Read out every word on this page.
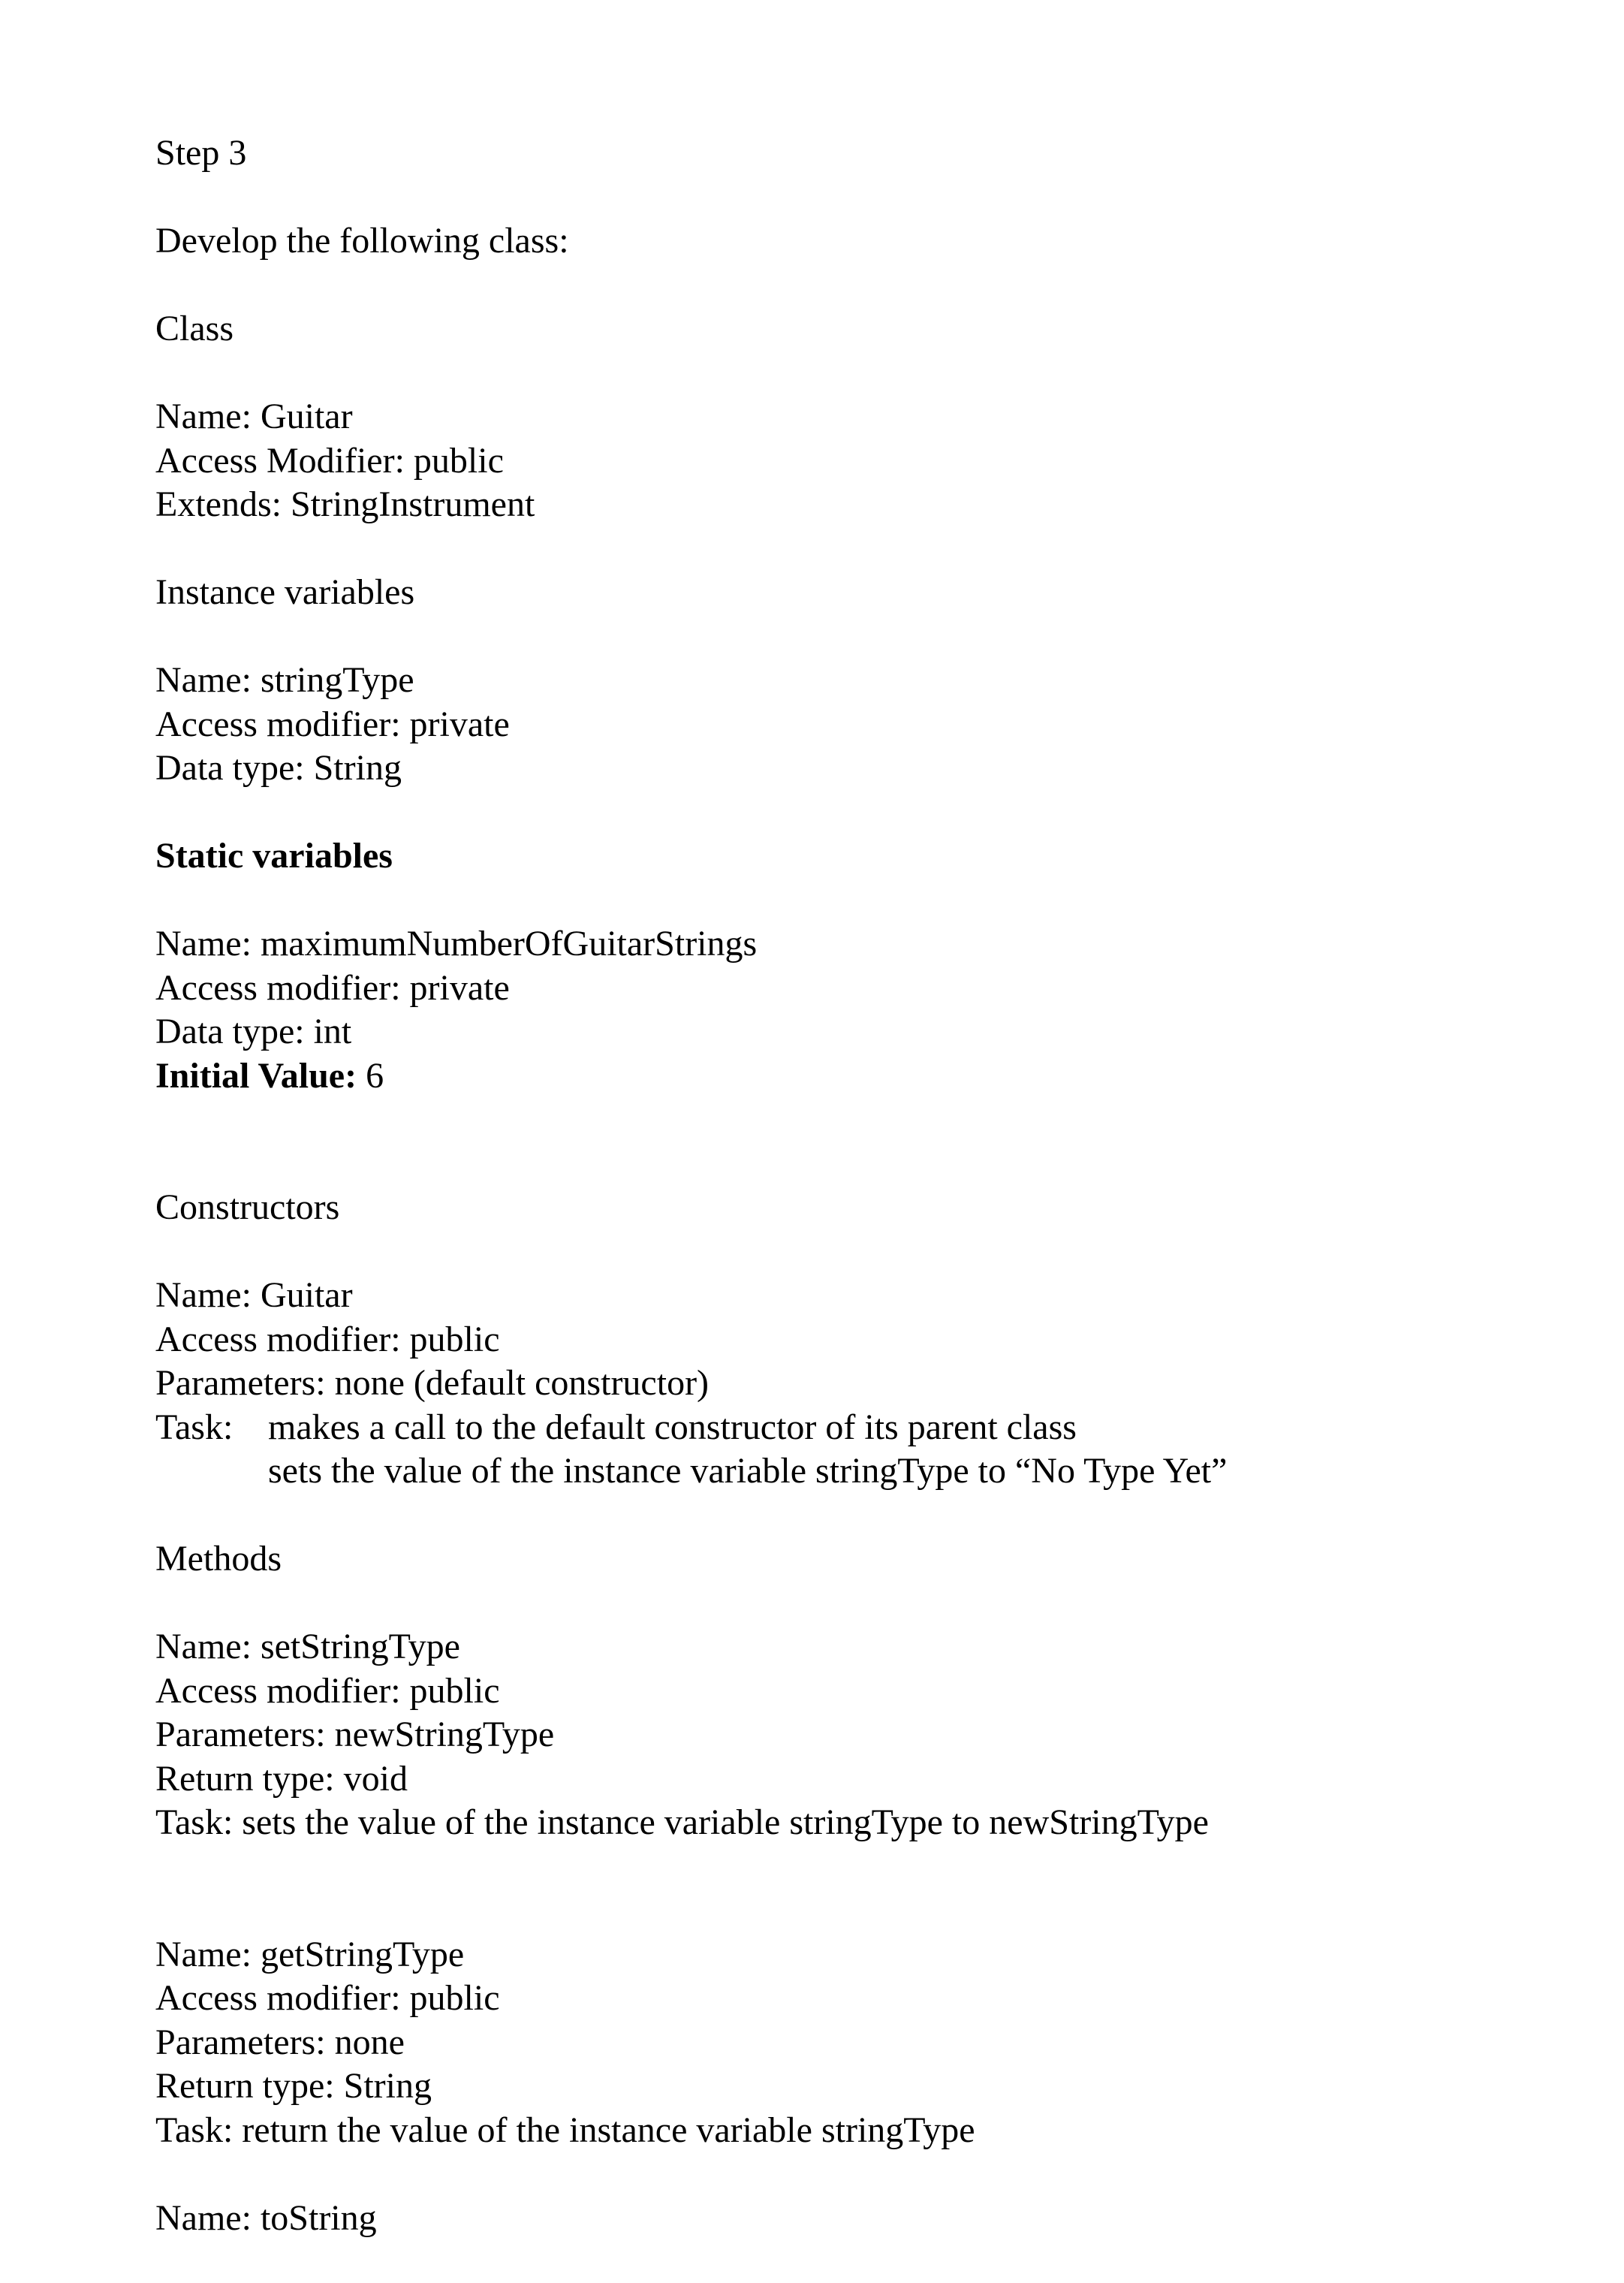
Step 3
Develop the following class:
Class
Name: Guitar
Access Modifier: public
Extends: StringInstrument
Instance variables
Name: stringType
Access modifier: private
Data type: String
Static variables
Name: maximumNumberOfGuitarStrings
Access modifier: private
Data type: int
Initial Value: 6
Constructors
Name: Guitar
Access modifier: public
Parameters: none (default constructor)
Task: makes a call to the default constructor of its parent class
sets the value of the instance variable stringType to “No Type Yet”
Methods
Name: setStringType
Access modifier: public
Parameters: newStringType
Return type: void
Task: sets the value of the instance variable stringType to newStringType
Name: getStringType
Access modifier: public
Parameters: none
Return type: String
Task: return the value of the instance variable stringType
Name: toString
